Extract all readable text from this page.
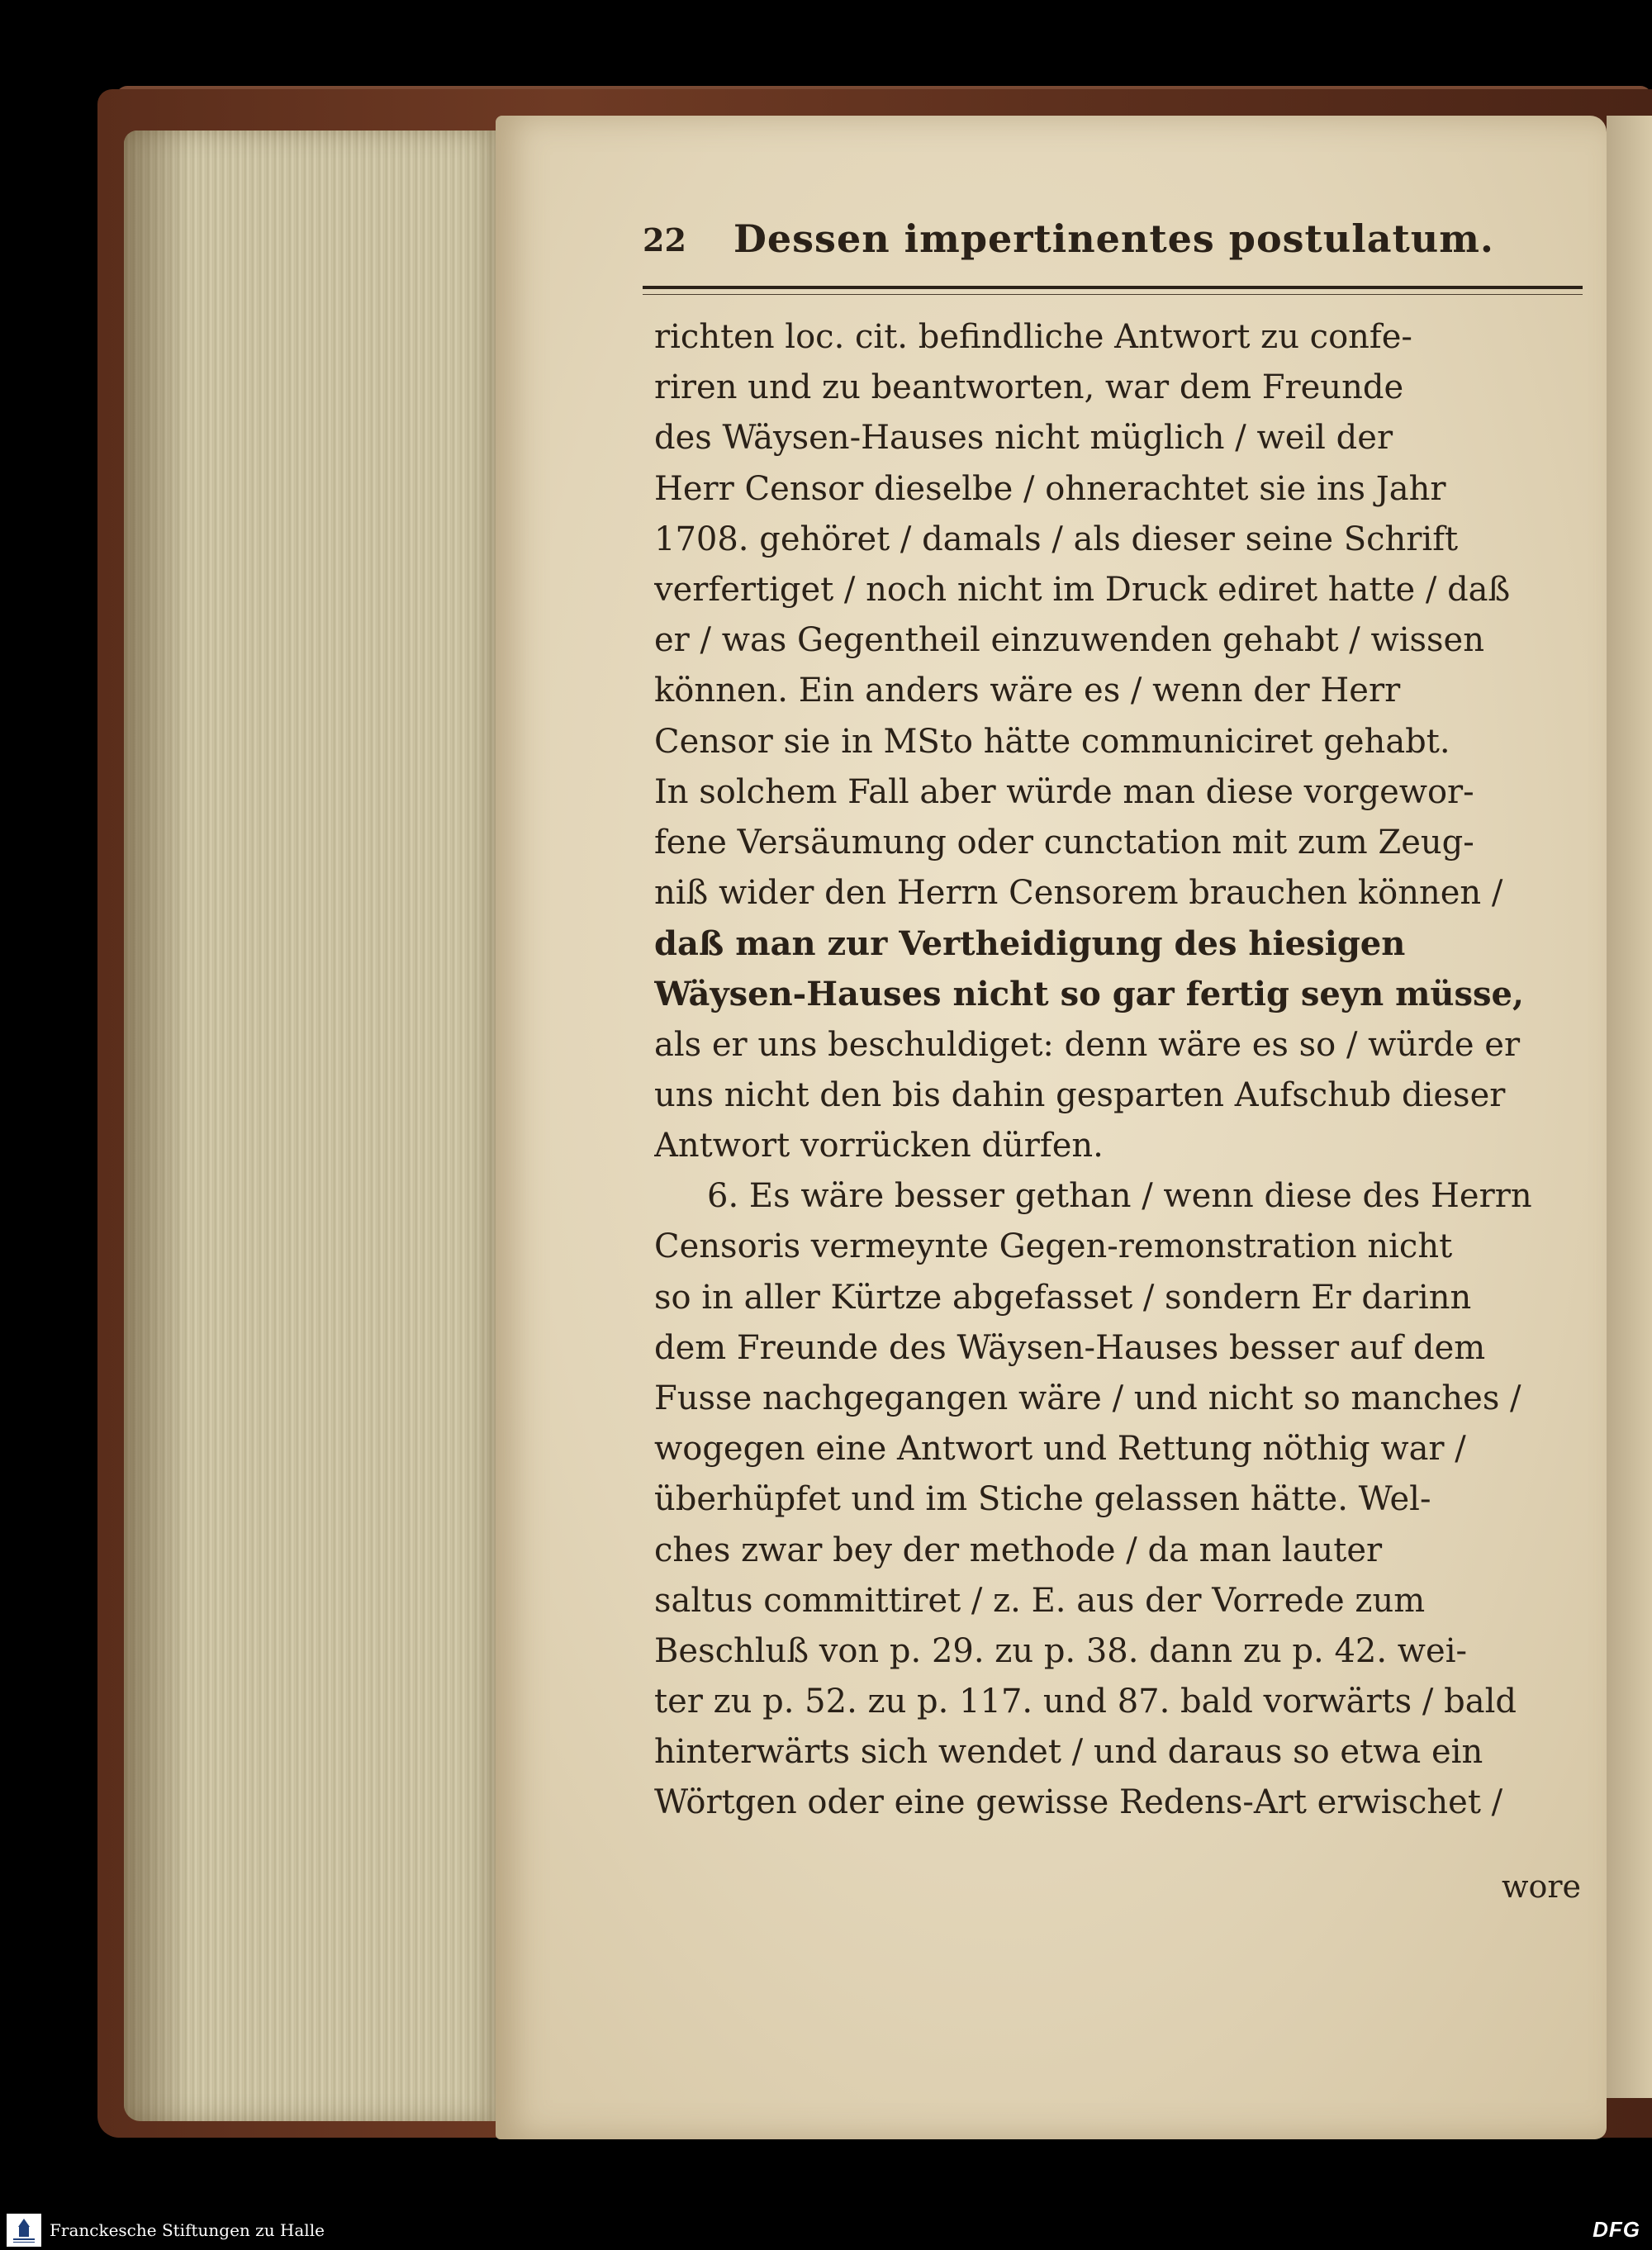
22 Dessen impertinentes postulatum.
richten loc. cit. befindliche Antwort zu confe-
riren und zu beantworten, war dem Freunde
des Wäysen-Hauses nicht müglich / weil der
Herr Censor dieselbe / ohnerachtet sie ins Jahr
1708. gehöret / damals / als dieser seine Schrift
verfertiget / noch nicht im Druck ediret hatte / daß
er / was Gegentheil einzuwenden gehabt / wissen
können. Ein anders wäre es / wenn der Herr
Censor sie in MSto hätte communiciret gehabt.
In solchem Fall aber würde man diese vorgewor-
fene Versäumung oder cunctation mit zum Zeug-
niß wider den Herrn Censorem brauchen können /
daß man zur Vertheidigung des hiesigen
Wäysen-Hauses nicht so gar fertig seyn müsse,
als er uns beschuldiget: denn wäre es so / würde er
uns nicht den bis dahin gesparten Aufschub dieser
Antwort vorrücken dürfen.
6. Es wäre besser gethan / wenn diese des Herrn
Censoris vermeynte Gegen-remonstration nicht
so in aller Kürtze abgefasset / sondern Er darinn
dem Freunde des Wäysen-Hauses besser auf dem
Fusse nachgegangen wäre / und nicht so manches /
wogegen eine Antwort und Rettung nöthig war /
überhüpfet und im Stiche gelassen hätte. Wel-
ches zwar bey der methode / da man lauter
saltus committiret / z. E. aus der Vorrede zum
Beschluß von p. 29. zu p. 38. dann zu p. 42. wei-
ter zu p. 52. zu p. 117. und 87. bald vorwärts / bald
hinterwärts sich wendet / und daraus so etwa ein
Wörtgen oder eine gewisse Redens-Art erwischet /
wore
Franckesche Stiftungen zu Halle	DFG
